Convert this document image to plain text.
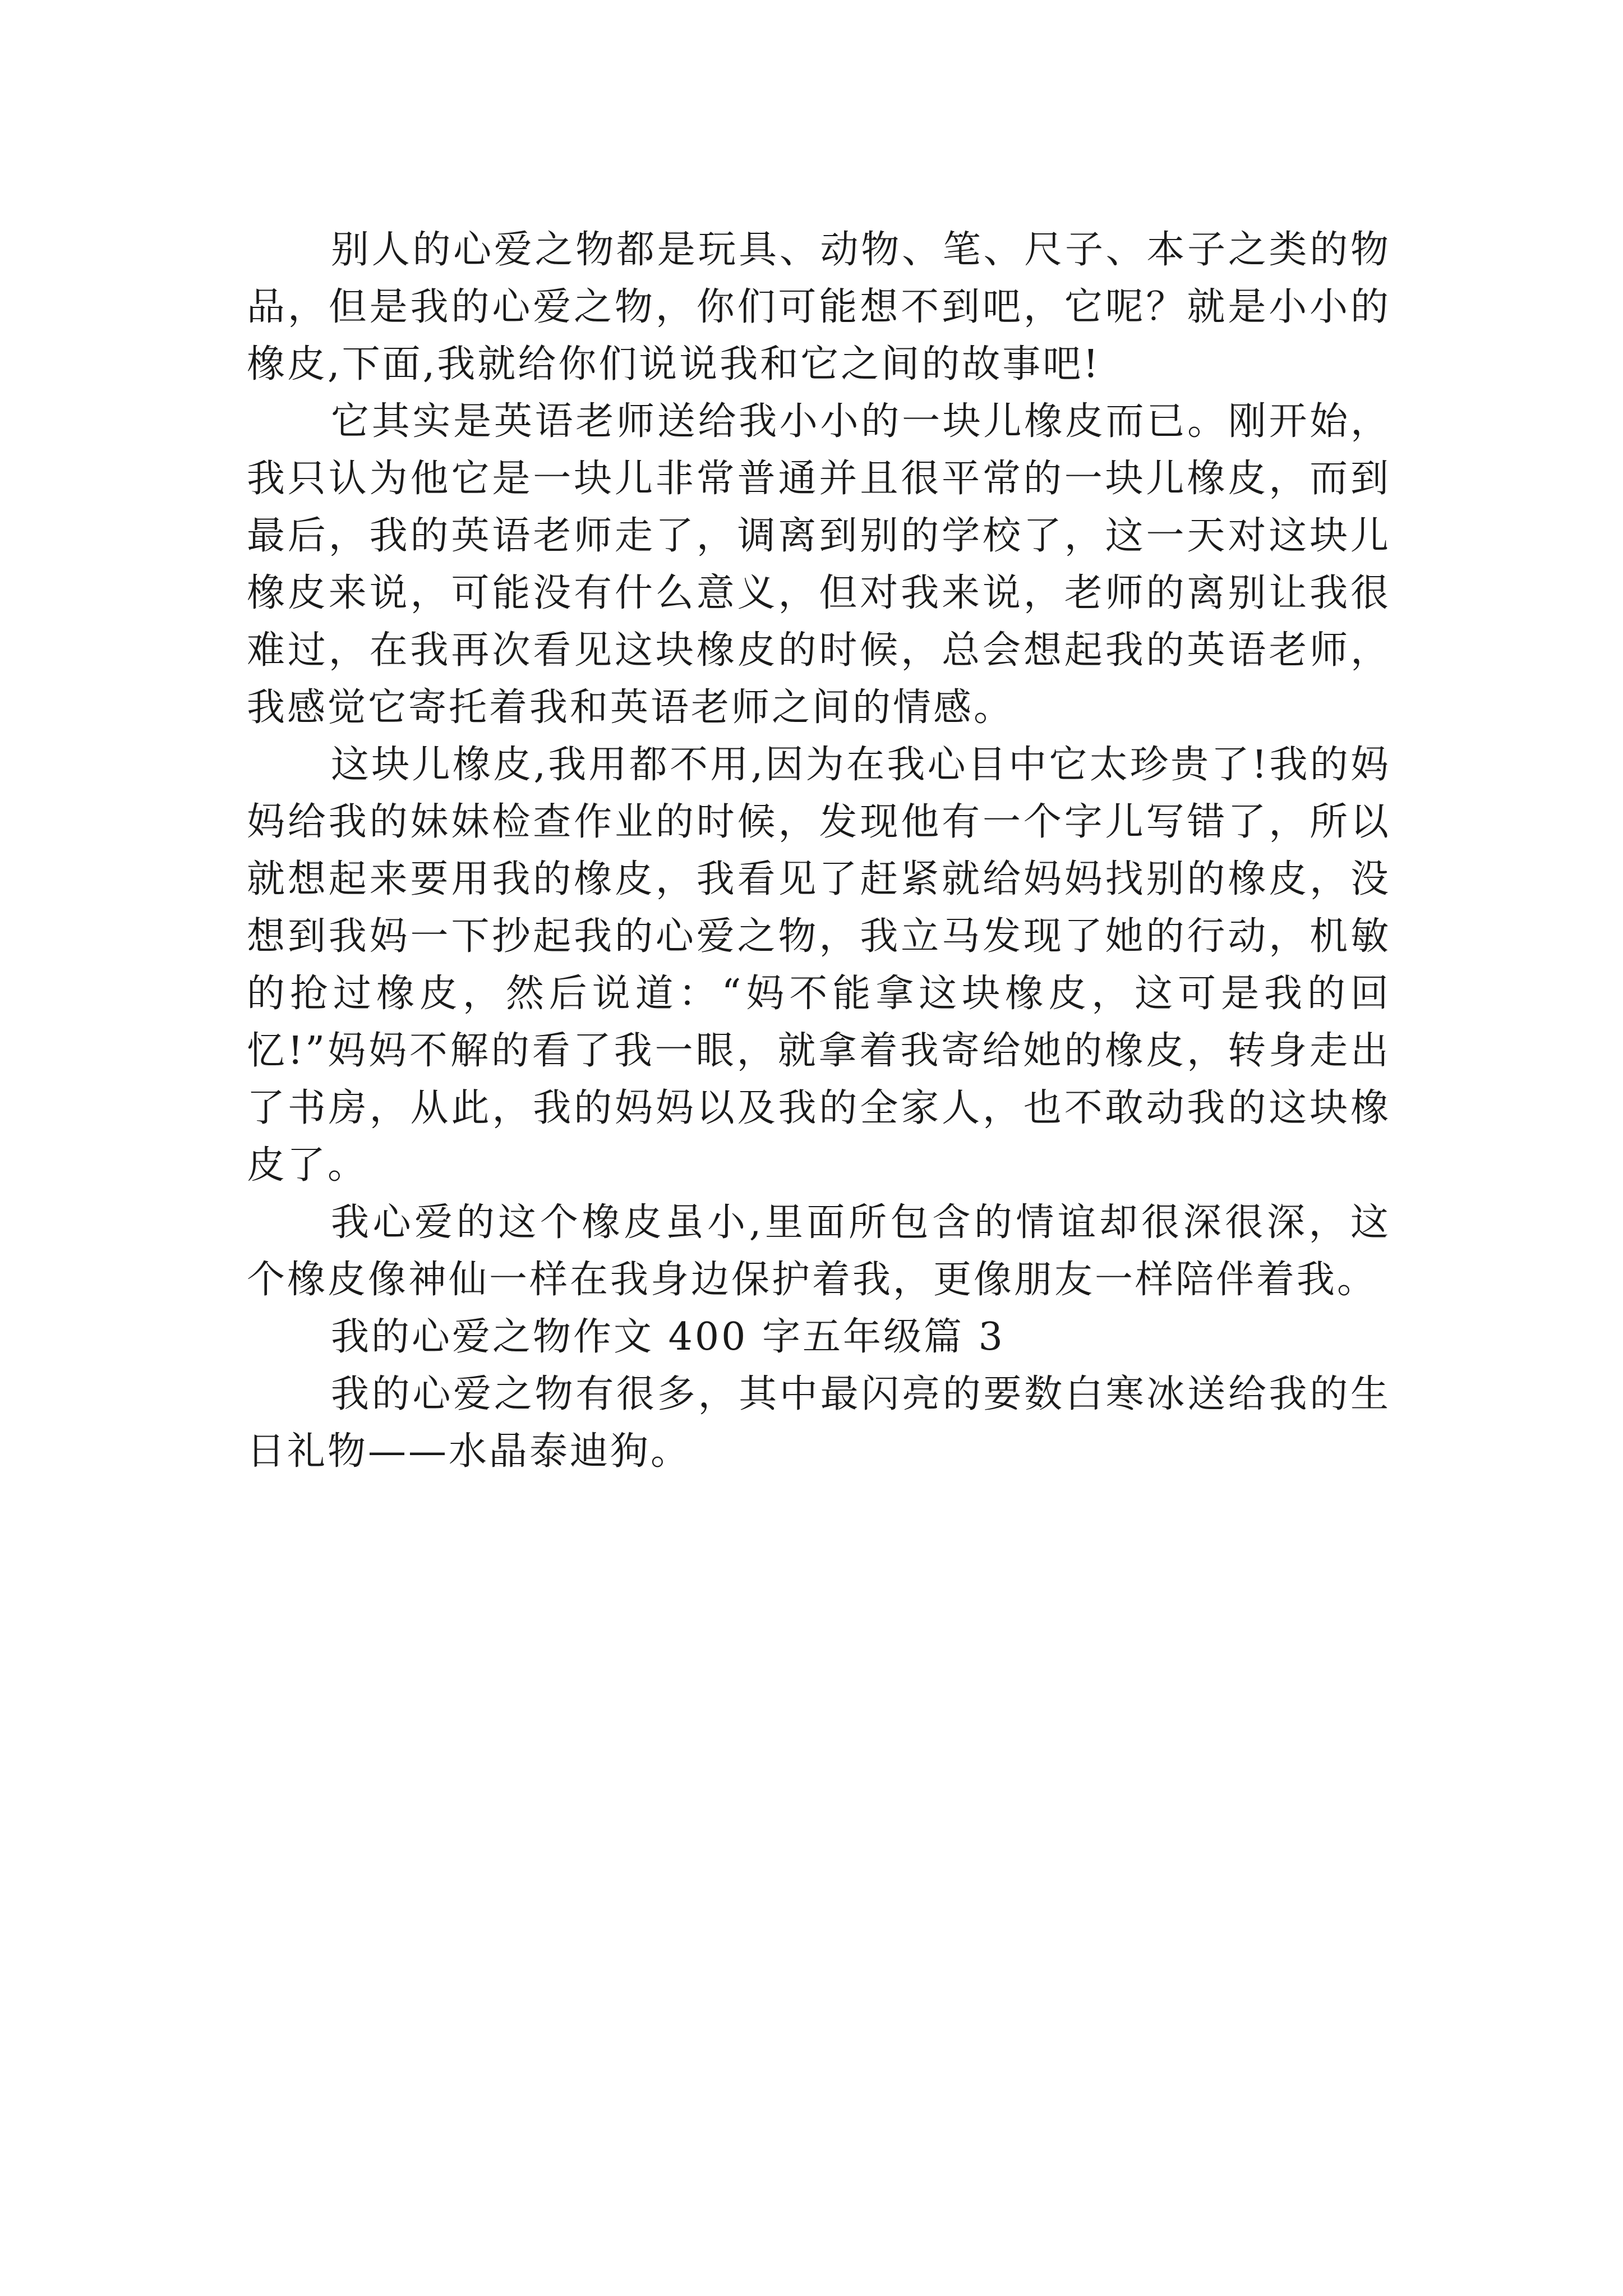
别人的心爱之物都是玩具、动物、笔、尺子、本子之类的物品，但是我的心爱之物，你们可能想不到吧，它呢？就是小小的橡皮,下面,我就给你们说说我和它之间的故事吧!

它其实是英语老师送给我小小的一块儿橡皮而已。刚开始，我只认为他它是一块儿非常普通并且很平常的一块儿橡皮，而到最后，我的英语老师走了，调离到别的学校了，这一天对这块儿橡皮来说，可能没有什么意义，但对我来说，老师的离别让我很难过，在我再次看见这块橡皮的时候，总会想起我的英语老师，我感觉它寄托着我和英语老师之间的情感。

这块儿橡皮,我用都不用,因为在我心目中它太珍贵了!我的妈妈给我的妹妹检查作业的时候，发现他有一个字儿写错了，所以就想起来要用我的橡皮，我看见了赶紧就给妈妈找别的橡皮，没想到我妈一下抄起我的心爱之物，我立马发现了她的行动，机敏的抢过橡皮，然后说道：“妈不能拿这块橡皮，这可是我的回忆!”妈妈不解的看了我一眼，就拿着我寄给她的橡皮，转身走出了书房，从此，我的妈妈以及我的全家人，也不敢动我的这块橡皮了。

我心爱的这个橡皮虽小,里面所包含的情谊却很深很深，这个橡皮像神仙一样在我身边保护着我，更像朋友一样陪伴着我。

我的心爱之物作文 400 字五年级篇 3

我的心爱之物有很多，其中最闪亮的要数白寒冰送给我的生日礼物——水晶泰迪狗。
